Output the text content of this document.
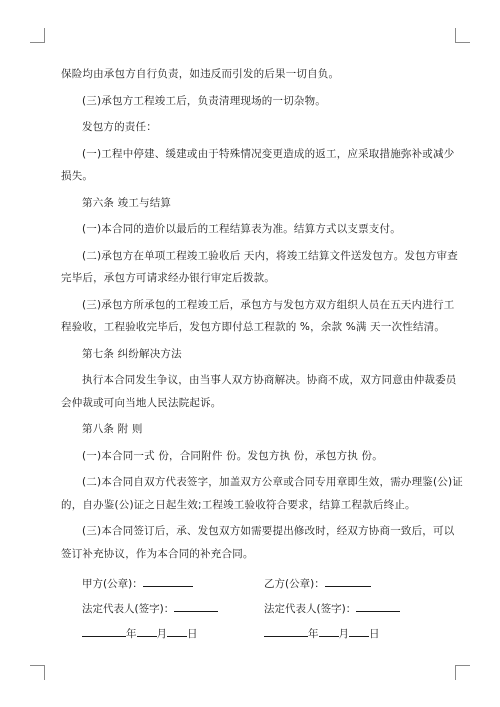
保险均由承包方自行负责，如违反而引发的后果一切自负。
(三)承包方工程竣工后，负责清理现场的一切杂物。
发包方的责任：
(一)工程中停建、缓建或由于特殊情况变更造成的返工，应采取措施弥补或减少
损失。
第六条 竣工与结算
(一)本合同的造价以最后的工程结算表为准。结算方式以支票支付。
(二)承包方在单项工程竣工验收后 天内，将竣工结算文件送发包方。发包方审查
完毕后，承包方可请求经办银行审定后拨款。
(三)承包方所承包的工程竣工后，承包方与发包方双方组织人员在五天内进行工
程验收，工程验收完毕后，发包方即付总工程款的 %，余款 %满 天一次性结清。
第七条 纠纷解决方法
执行本合同发生争议，由当事人双方协商解决。协商不成，双方同意由仲裁委员
会仲裁或可向当地人民法院起诉。
第八条 附 则
(一)本合同一式 份，合同附件 份。发包方执 份，承包方执 份。
(二)本合同自双方代表签字，加盖双方公章或合同专用章即生效，需办理鉴(公)证
的，自办鉴(公)证之日起生效;工程竣工验收符合要求，结算工程款后终止。
(三)本合同签订后，承、发包双方如需要提出修改时，经双方协商一致后，可以
签订补充协议，作为本合同的补充合同。
甲方(公章)：	乙方(公章)：
法定代表人(签字)：	法定代表人(签字)：
年 月 日	年 月 日
